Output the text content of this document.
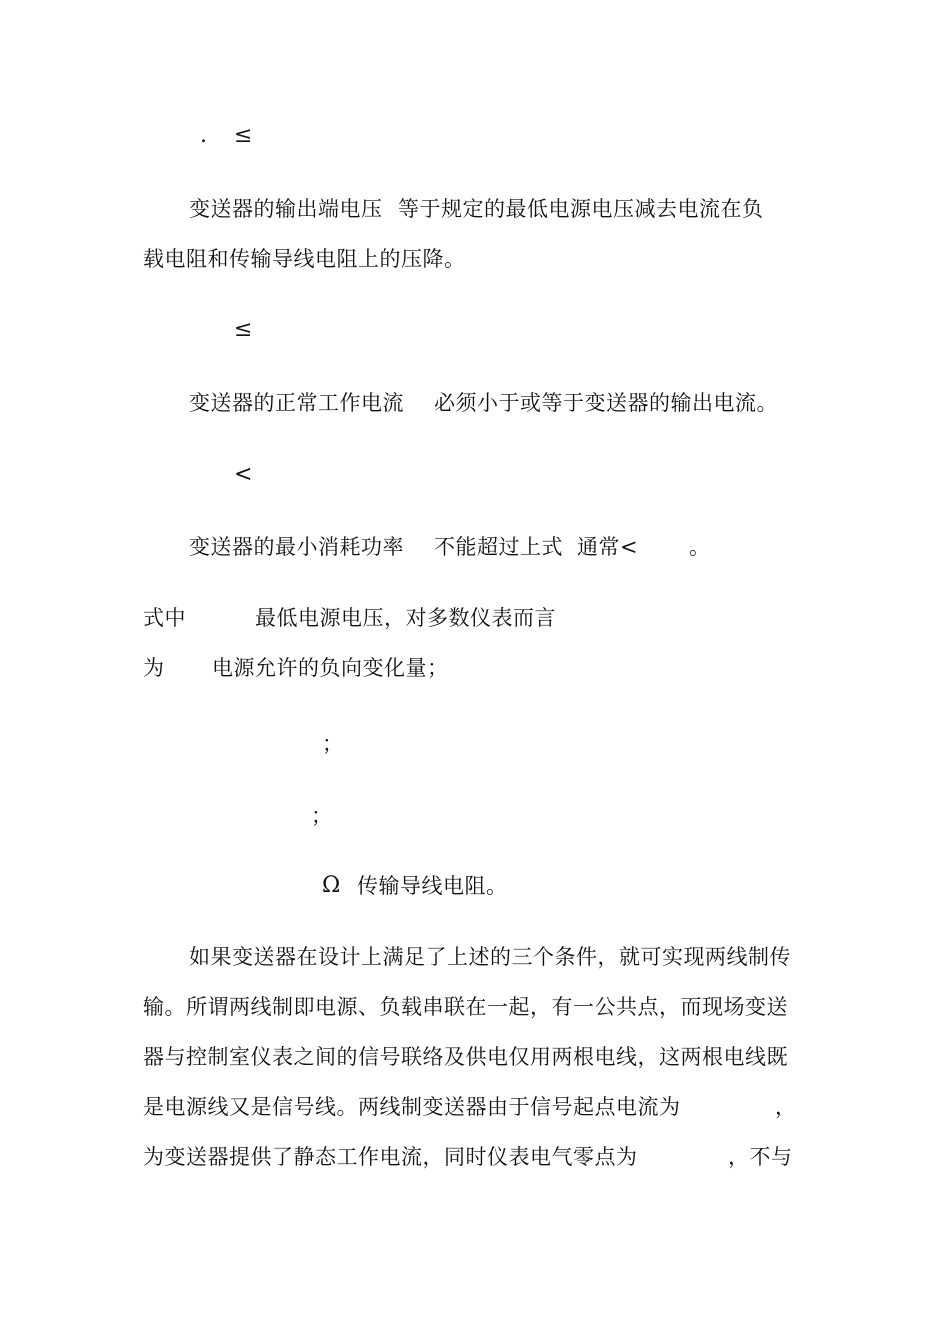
. ≤
变送器的输出端电压 等于规定的最低电源电压减去电流在负
载电阻和传输导线电阻上的压降。
≤
变送器的正常工作电流 必须小于或等于变送器的输出电流。
<
变送器的最小消耗功率 不能超过上式 通常< 。
式中	最低电源电压，对多数仪表而言
为 电源允许的负向变化量；
；
；
Ω 传输导线电阻。
如果变送器在设计上满足了上述的三个条件，就可实现两线制传
输。所谓两线制即电源、负载串联在一起，有一公共点，而现场变送
器与控制室仪表之间的信号联络及供电仅用两根电线，这两根电线既
是电源线又是信号线。两线制变送器由于信号起点电流为	，
为变送器提供了静态工作电流，同时仪表电气零点为	，不与
